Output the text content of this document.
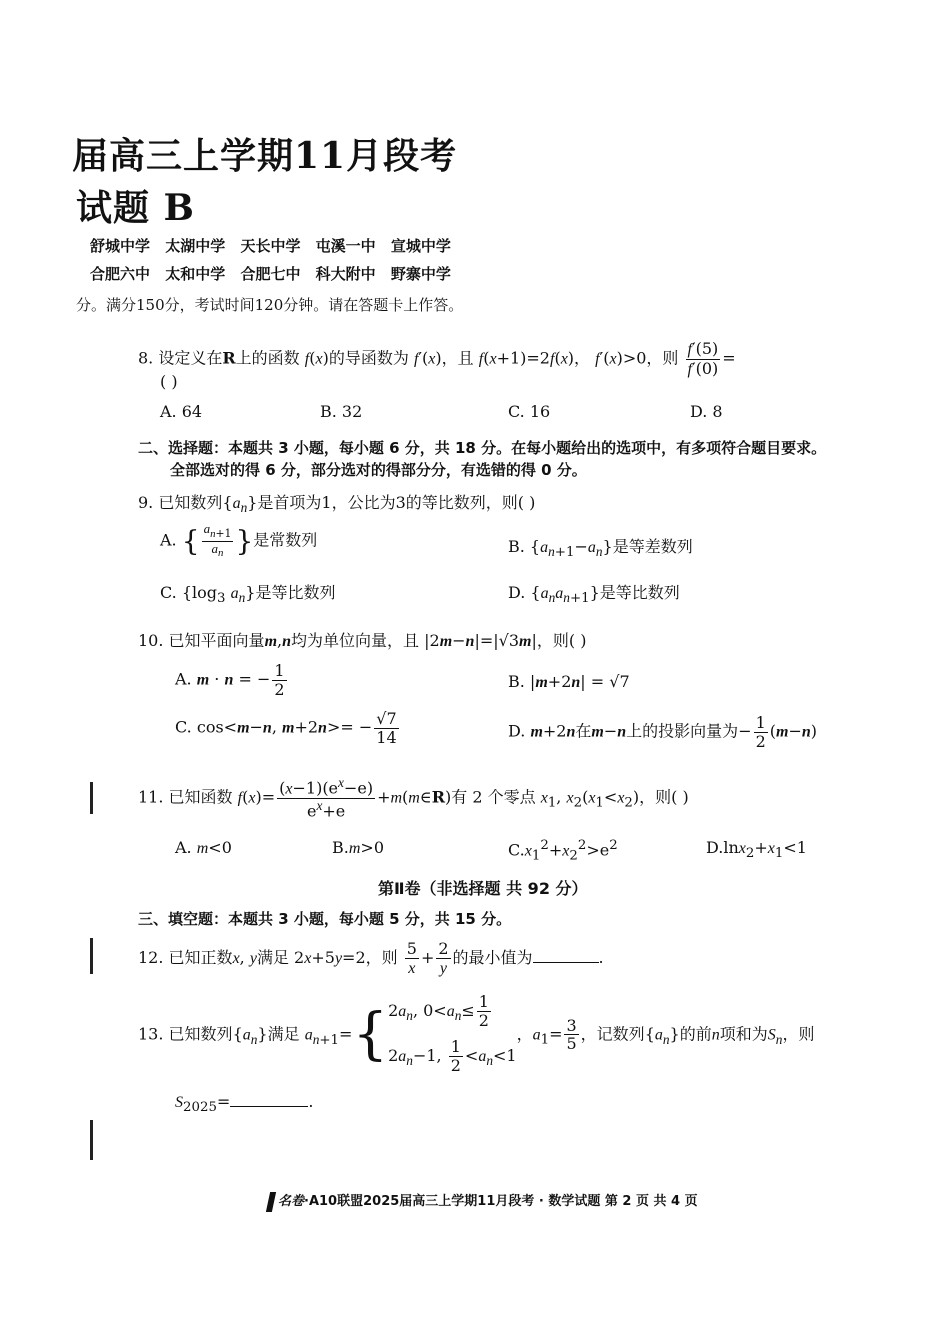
届高三上学期11月段考
试题 B
舒城中学 太湖中学 天长中学 屯溪一中 宣城中学
合肥六中 太和中学 合肥七中 科大附中 野寨中学
分。满分150分，考试时间120分钟。请在答题卡上作答。
8. 设定义在R上的函数 f(x)的导函数为 f′(x)，且 f(x+1)=2f(x)， f′(x)>0，则 $\frac{f'(5)}{f'(0)}$ =
( )
A. 64	B. 32	C. 16	D. 8
二、选择题：本题共 3 小题，每小题 6 分，共 18 分。在每小题给出的选项中，有多项符合题目要求。
全部选对的得 6 分，部分选对的得部分分，有选错的得 0 分。
9. 已知数列$\{a_n\}$是首项为1，公比为3的等比数列，则( )
A. { $\frac{a_{n+1}}{a_n}$ }是常数列	B. $\{a_{n+1}-a_n\}$是等差数列
C. {$\log_3$ $a_n$}是等比数列	D. $\{a_na_{n+1}\}$是等比数列
10. 已知平面向量m,n均为单位向量，且 |2m−n|=|√3m|，则( )
A. m · n = − $\frac{1}{2}$	B. |m+2n| = √7
C. cos<m−n, $m+2n>= - \frac{√7}{14}$	D. m+2n在m−n上的投影向量为− $\frac{1}{2} (m-n)$
11. 已知函数 $f(x)= \frac{(x-1)(e^x-e)}{e^x+e}$ +m(m∈R)有 2 个零点 $x_1$, $x_2(x_1<x_2)$，则( )
A. m<0	B.m>0	$C.x_1^2+x_2^2>e^2$	$D.\ln x_2+x_1<1$
第Ⅱ卷（非选择题 共 92 分）
三、填空题：本题共 3 小题，每小题 5 分，共 15 分。
12. 已知正数x, y满足 2x+5y=2，则 $\frac{5}{x} + \frac{2}{y}$ 的最小值为	.
13. 已知数列$\{a_n\}$满足 $a_{n+1}=${ $2a_n$, $0<a_n\le \frac{1}{2}$
$2a_n-1$, $\frac{1}{2} <a_n<1$
，$a_1= \frac{3}{5}$ ，记数列$\{a_n\}$的前n项和为$S_n$，则
$S_{2025}=$	.
名卷·A10联盟2025届高三上学期11月段考 · 数学试题 第 2 页 共 4 页
